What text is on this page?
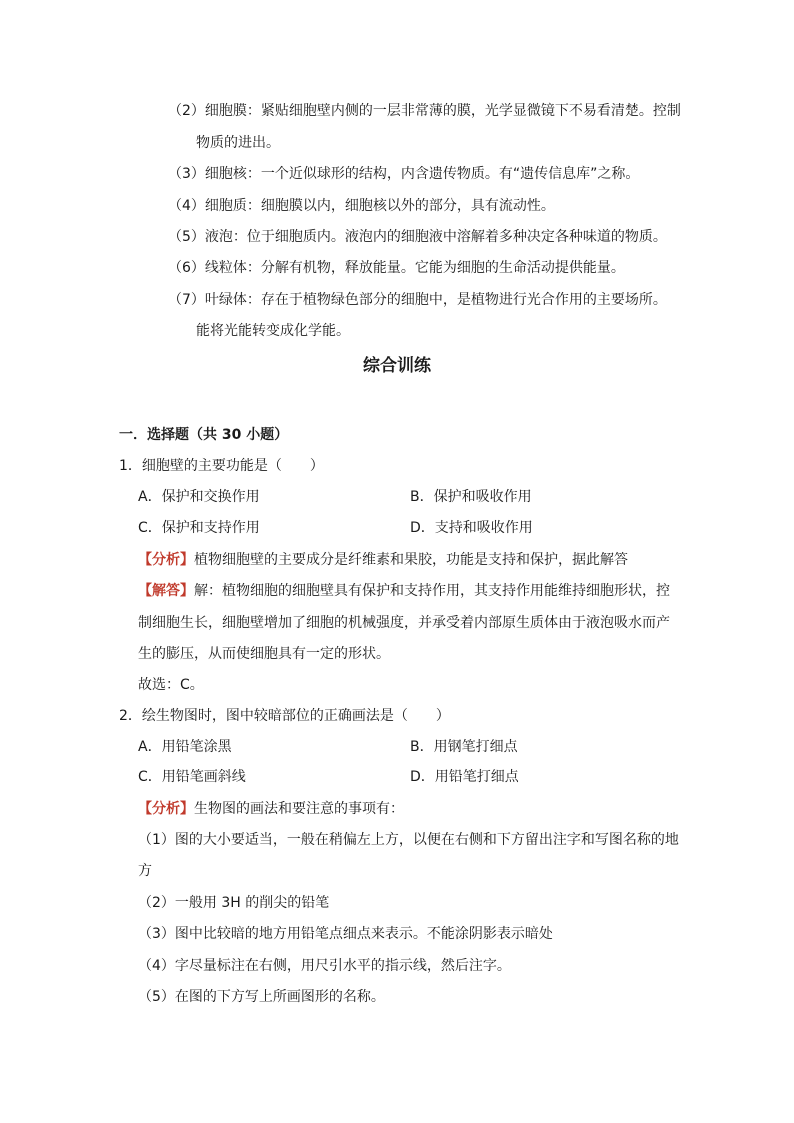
（2）细胞膜：紧贴细胞壁内侧的一层非常薄的膜，光学显微镜下不易看清楚。控制
物质的进出。
（3）细胞核：一个近似球形的结构，内含遗传物质。有“遗传信息库”之称。
（4）细胞质：细胞膜以内，细胞核以外的部分，具有流动性。
（5）液泡：位于细胞质内。液泡内的细胞液中溶解着多种决定各种味道的物质。
（6）线粒体：分解有机物，释放能量。它能为细胞的生命活动提供能量。
（7）叶绿体：存在于植物绿色部分的细胞中，是植物进行光合作用的主要场所。
能将光能转变成化学能。
综合训练
一．选择题（共 30 小题）
1．细胞壁的主要功能是（　　）
A．保护和交换作用	B．保护和吸收作用
C．保护和支持作用	D．支持和吸收作用
【分析】植物细胞壁的主要成分是纤维素和果胶，功能是支持和保护，据此解答
【解答】解：植物细胞的细胞壁具有保护和支持作用，其支持作用能维持细胞形状，控
制细胞生长，细胞壁增加了细胞的机械强度，并承受着内部原生质体由于液泡吸水而产
生的膨压，从而使细胞具有一定的形状。
故选：C。
2．绘生物图时，图中较暗部位的正确画法是（　　）
A．用铅笔涂黑	B．用钢笔打细点
C．用铅笔画斜线	D．用铅笔打细点
【分析】生物图的画法和要注意的事项有：
（1）图的大小要适当，一般在稍偏左上方，以便在右侧和下方留出注字和写图名称的地
方
（2）一般用 3H 的削尖的铅笔
（3）图中比较暗的地方用铅笔点细点来表示。不能涂阴影表示暗处
（4）字尽量标注在右侧，用尺引水平的指示线，然后注字。
（5）在图的下方写上所画图形的名称。
